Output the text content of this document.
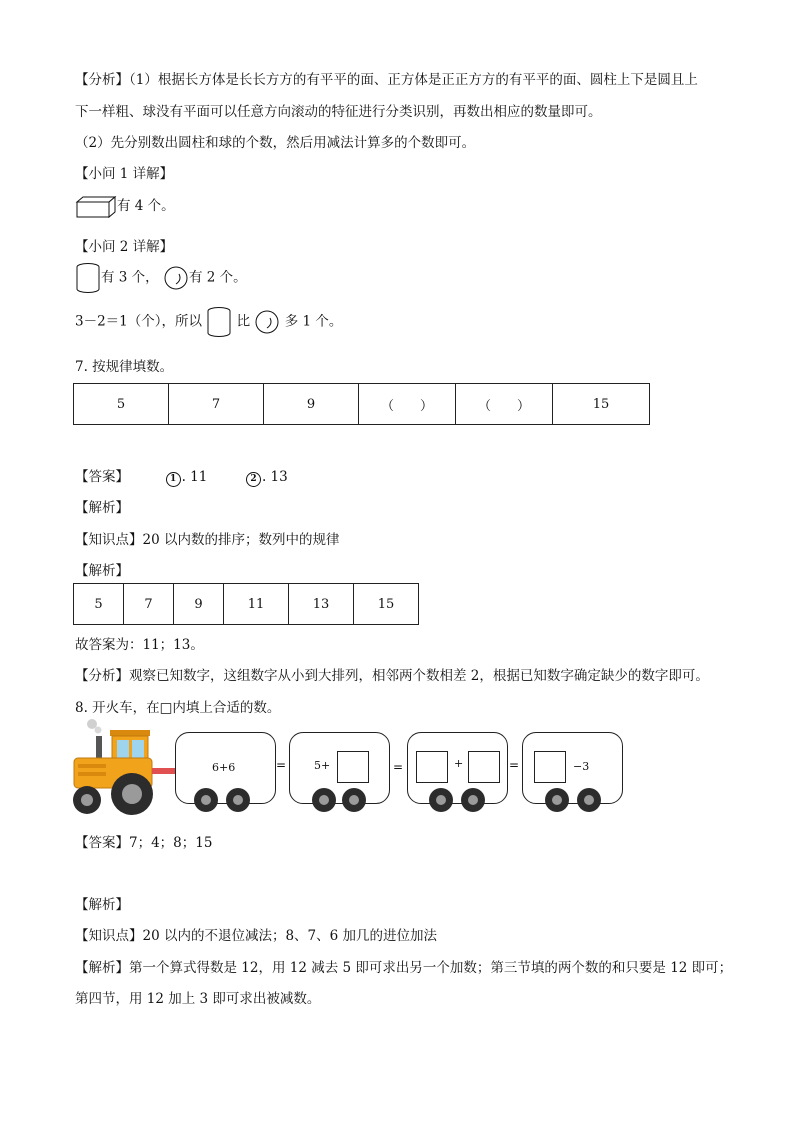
【分析】（1）根据长方体是长长方方的有平平的面、正方体是正正方方的有平平的面、圆柱上下是圆且上
下一样粗、球没有平面可以任意方向滚动的特征进行分类识别，再数出相应的数量即可。
（2）先分别数出圆柱和球的个数，然后用减法计算多的个数即可。
【小问 1 详解】
有 4 个。
【小问 2 详解】
有 3 个， 有 2 个。
3－2＝1（个），所以	比	多 1 个。
7. 按规律填数。
5	7	9	（　　）	（　　）	15
【答案】	1 . 11	2 . 13
【解析】
【知识点】20 以内数的排序；数列中的规律
【解析】
5	7	9	11	13	15
故答案为：11；13。
【分析】观察已知数字，这组数字从小到大排列，相邻两个数相差 2，根据已知数字确定缺少的数字即可。
8. 开火车，在□内填上合适的数。
6+6	=	5+	=	+	=	−3
【答案】7；4；8；15
【解析】
【知识点】20 以内的不退位减法；8、7、6 加几的进位加法
【解析】第一个算式得数是 12，用 12 减去 5 即可求出另一个加数；第三节填的两个数的和只要是 12 即可；
第四节，用 12 加上 3 即可求出被减数。
